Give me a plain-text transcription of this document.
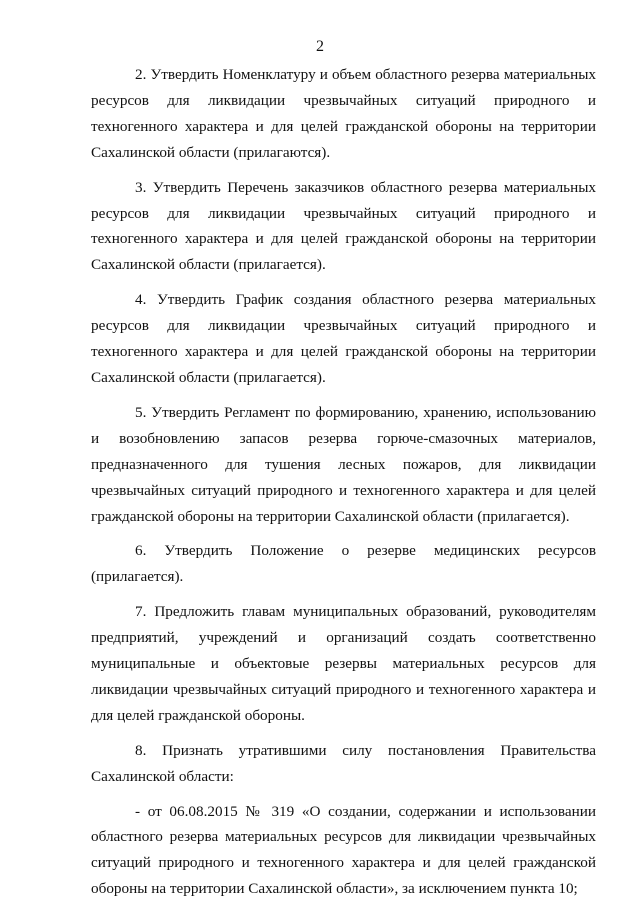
2

2. Утвердить Номенклатуру и объем областного резерва материальных ресурсов для ликвидации чрезвычайных ситуаций природного и техногенного характера и для целей гражданской обороны на территории Сахалинской области (прилагаются).

3. Утвердить Перечень заказчиков областного резерва материальных ресурсов для ликвидации чрезвычайных ситуаций природного и техногенного характера и для целей гражданской обороны на территории Сахалинской области (прилагается).

4. Утвердить График создания областного резерва материальных ресурсов для ликвидации чрезвычайных ситуаций природного и техногенного характера и для целей гражданской обороны на территории Сахалинской области (прилагается).

5. Утвердить Регламент по формированию, хранению, использованию и возобновлению запасов резерва горюче-смазочных материалов, предназначенного для тушения лесных пожаров, для ликвидации чрезвычайных ситуаций природного и техногенного характера и для целей гражданской обороны на территории Сахалинской области (прилагается).

6. Утвердить Положение о резерве медицинских ресурсов (прилагается).

7. Предложить главам муниципальных образований, руководителям предприятий, учреждений и организаций создать соответственно муниципальные и объектовые резервы материальных ресурсов для ликвидации чрезвычайных ситуаций природного и техногенного характера и для целей гражданской обороны.

8. Признать утратившими силу постановления Правительства Сахалинской области:

- от 06.08.2015 № 319 «О создании, содержании и использовании областного резерва материальных ресурсов для ликвидации чрезвычайных ситуаций природного и техногенного характера и для целей гражданской обороны на территории Сахалинской области», за исключением пункта 10;
